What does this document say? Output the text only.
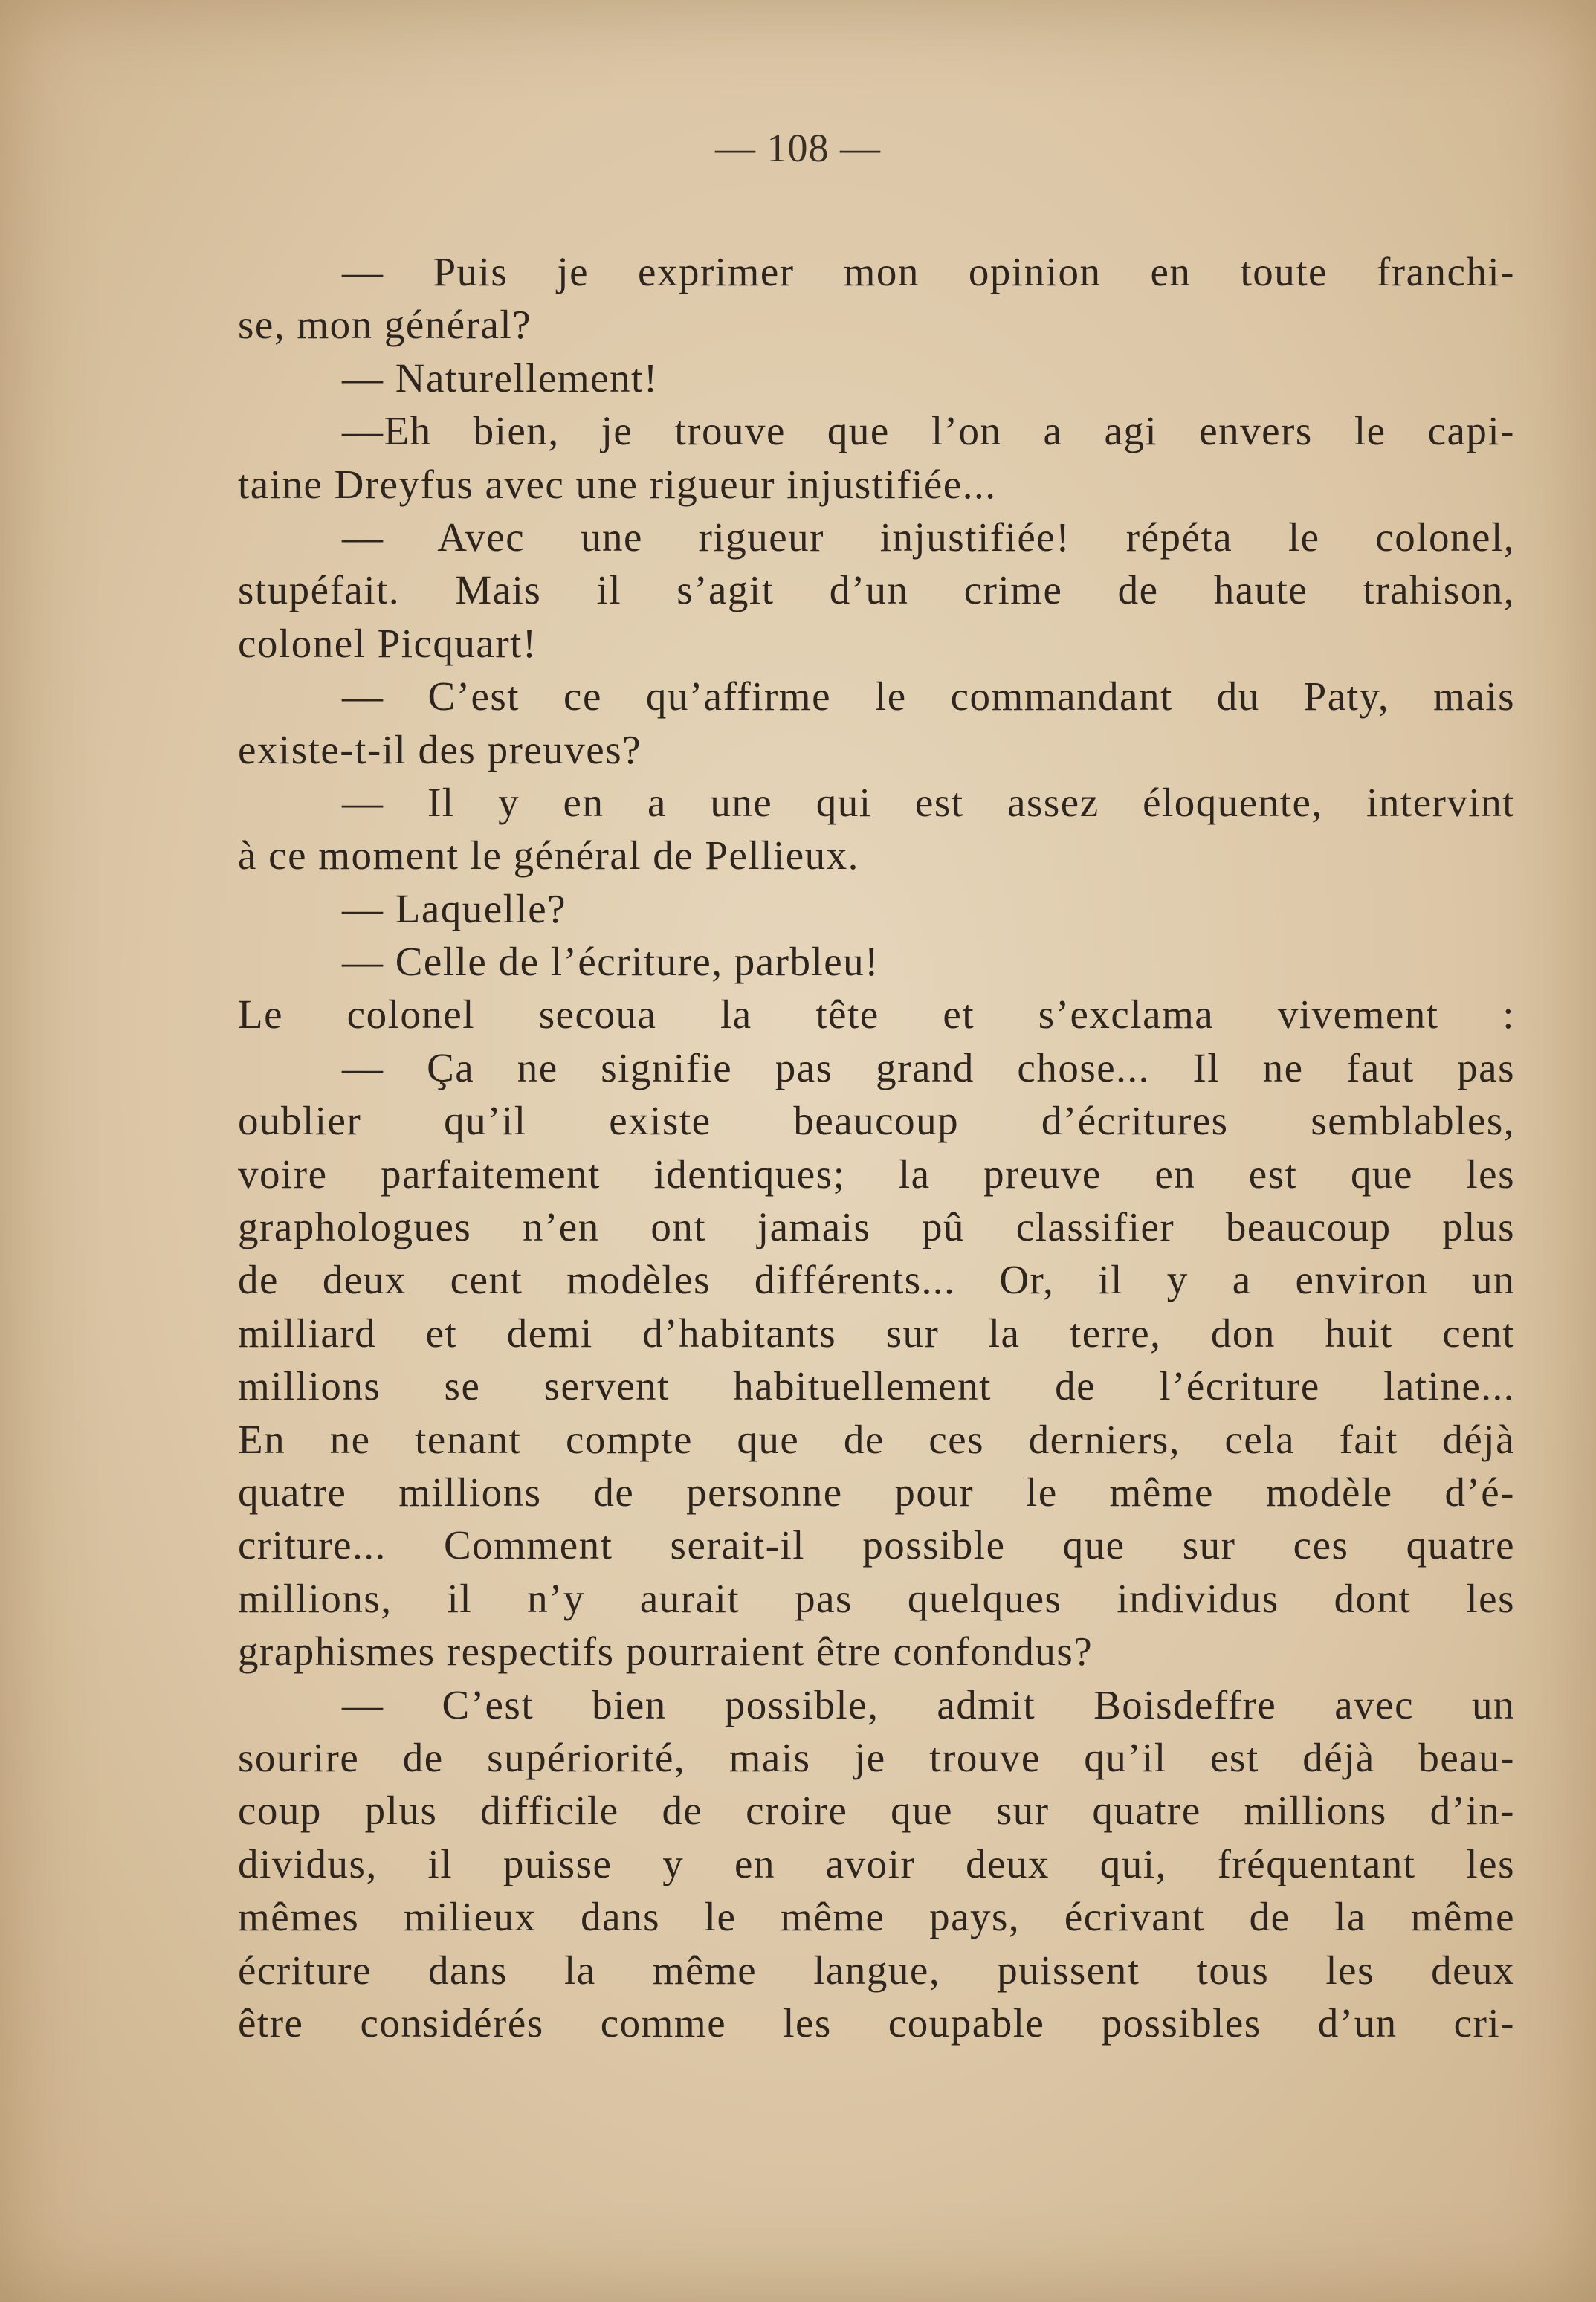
— 108 —
— Puis je exprimer mon opinion en toute franchi-
se, mon général?
— Naturellement!
—Eh bien, je trouve que l’on a agi envers le capi-
taine Dreyfus avec une rigueur injustifiée...
— Avec une rigueur injustifiée! répéta le colonel,
stupéfait. Mais il s’agit d’un crime de haute trahison,
colonel Picquart!
— C’est ce qu’affirme le commandant du Paty, mais
existe-t-il des preuves?
— Il y en a une qui est assez éloquente, intervint
à ce moment le général de Pellieux.
— Laquelle?
— Celle de l’écriture, parbleu!
Le colonel secoua la tête et s’exclama vivement :
— Ça ne signifie pas grand chose... Il ne faut pas
oublier qu’il existe beaucoup d’écritures semblables,
voire parfaitement identiques; la preuve en est que les
graphologues n’en ont jamais pû classifier beaucoup plus
de deux cent modèles différents... Or, il y a environ un
milliard et demi d’habitants sur la terre, don huit cent
millions se servent habituellement de l’écriture latine...
En ne tenant compte que de ces derniers, cela fait déjà
quatre millions de personne pour le même modèle d’é-
criture... Comment serait-il possible que sur ces quatre
millions, il n’y aurait pas quelques individus dont les
graphismes respectifs pourraient être confondus?
— C’est bien possible, admit Boisdeffre avec un
sourire de supériorité, mais je trouve qu’il est déjà beau-
coup plus difficile de croire que sur quatre millions d’in-
dividus, il puisse y en avoir deux qui, fréquentant les
mêmes milieux dans le même pays, écrivant de la même
écriture dans la même langue, puissent tous les deux
être considérés comme les coupable possibles d’un cri-
